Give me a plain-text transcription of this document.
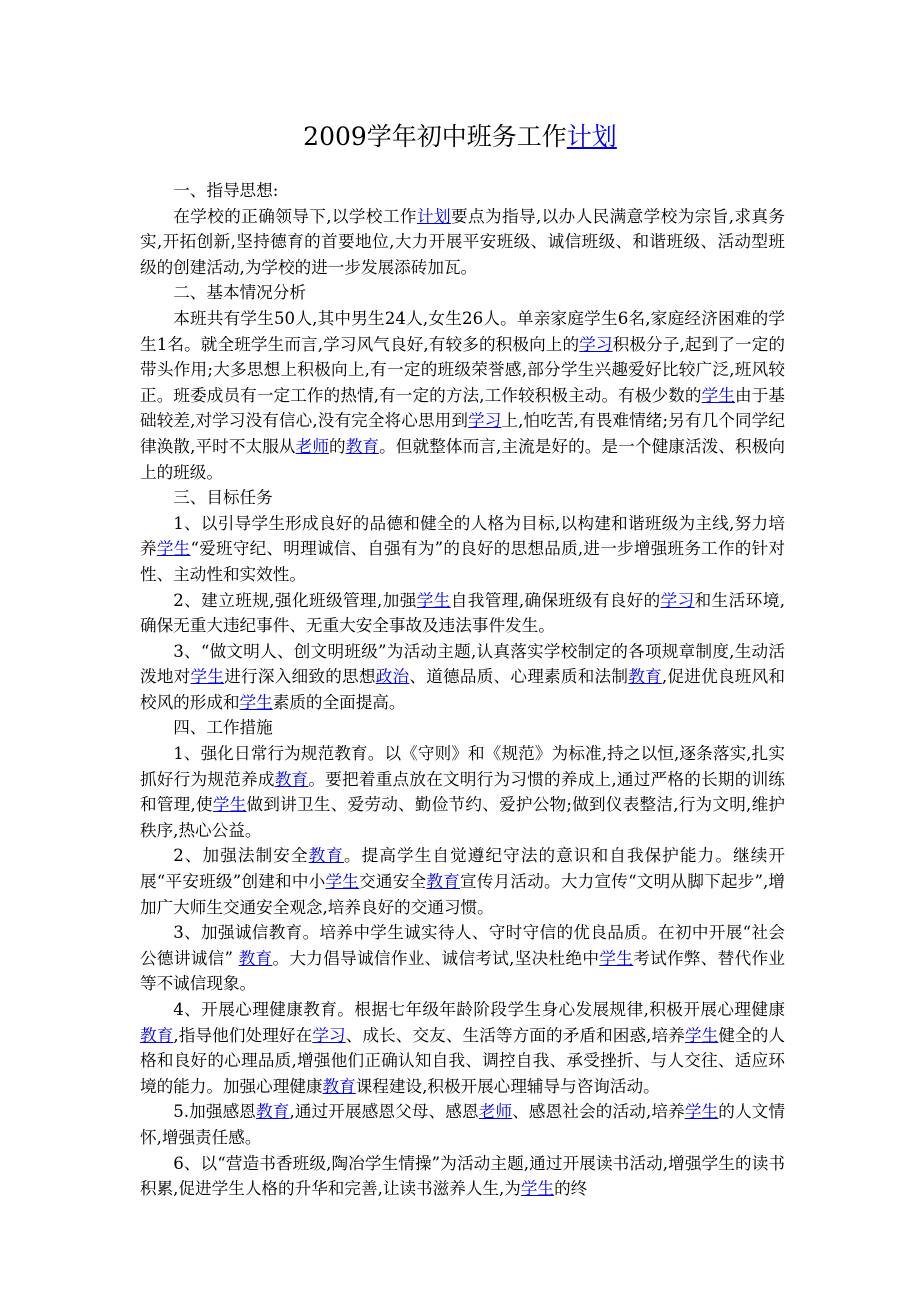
2009学年初中班务工作计划

一、指导思想:

在学校的正确领导下,以学校工作计划要点为指导,以办人民满意学校为宗旨,求真务实,开拓创新,坚持德育的首要地位,大力开展平安班级、诚信班级、和谐班级、活动型班级的创建活动,为学校的进一步发展添砖加瓦。

二、基本情况分析

本班共有学生50人,其中男生24人,女生26人。单亲家庭学生6名,家庭经济困难的学生1名。就全班学生而言,学习风气良好,有较多的积极向上的学习积极分子,起到了一定的带头作用;大多思想上积极向上,有一定的班级荣誉感,部分学生兴趣爱好比较广泛,班风较正。班委成员有一定工作的热情,有一定的方法,工作较积极主动。有极少数的学生由于基础较差,对学习没有信心,没有完全将心思用到学习上,怕吃苦,有畏难情绪;另有几个同学纪律涣散,平时不太服从老师的教育。但就整体而言,主流是好的。是一个健康活泼、积极向上的班级。

三、目标任务

1、以引导学生形成良好的品德和健全的人格为目标,以构建和谐班级为主线,努力培养学生“爱班守纪、明理诚信、自强有为”的良好的思想品质,进一步增强班务工作的针对性、主动性和实效性。

2、建立班规,强化班级管理,加强学生自我管理,确保班级有良好的学习和生活环境,确保无重大违纪事件、无重大安全事故及违法事件发生。

3、“做文明人、创文明班级”为活动主题,认真落实学校制定的各项规章制度,生动活泼地对学生进行深入细致的思想政治、道德品质、心理素质和法制教育,促进优良班风和校风的形成和学生素质的全面提高。

四、工作措施

1、强化日常行为规范教育。以《守则》和《规范》为标准,持之以恒,逐条落实,扎实抓好行为规范养成教育。要把着重点放在文明行为习惯的养成上,通过严格的长期的训练和管理,使学生做到讲卫生、爱劳动、勤俭节约、爱护公物;做到仪表整洁,行为文明,维护秩序,热心公益。

2、加强法制安全教育。提高学生自觉遵纪守法的意识和自我保护能力。继续开展“平安班级”创建和中小学生交通安全教育宣传月活动。大力宣传“文明从脚下起步”,增加广大师生交通安全观念,培养良好的交通习惯。

3、加强诚信教育。培养中学生诚实待人、守时守信的优良品质。在初中开展“社会公德讲诚信” 教育。大力倡导诚信作业、诚信考试,坚决杜绝中学生考试作弊、替代作业等不诚信现象。

4、开展心理健康教育。根据七年级年龄阶段学生身心发展规律,积极开展心理健康教育,指导他们处理好在学习、成长、交友、生活等方面的矛盾和困惑,培养学生健全的人格和良好的心理品质,增强他们正确认知自我、调控自我、承受挫折、与人交往、适应环境的能力。加强心理健康教育课程建设,积极开展心理辅导与咨询活动。

5.加强感恩教育,通过开展感恩父母、感恩老师、感恩社会的活动,培养学生的人文情怀,增强责任感。

6、以“营造书香班级,陶冶学生情操”为活动主题,通过开展读书活动,增强学生的读书积累,促进学生人格的升华和完善,让读书滋养人生,为学生的终
